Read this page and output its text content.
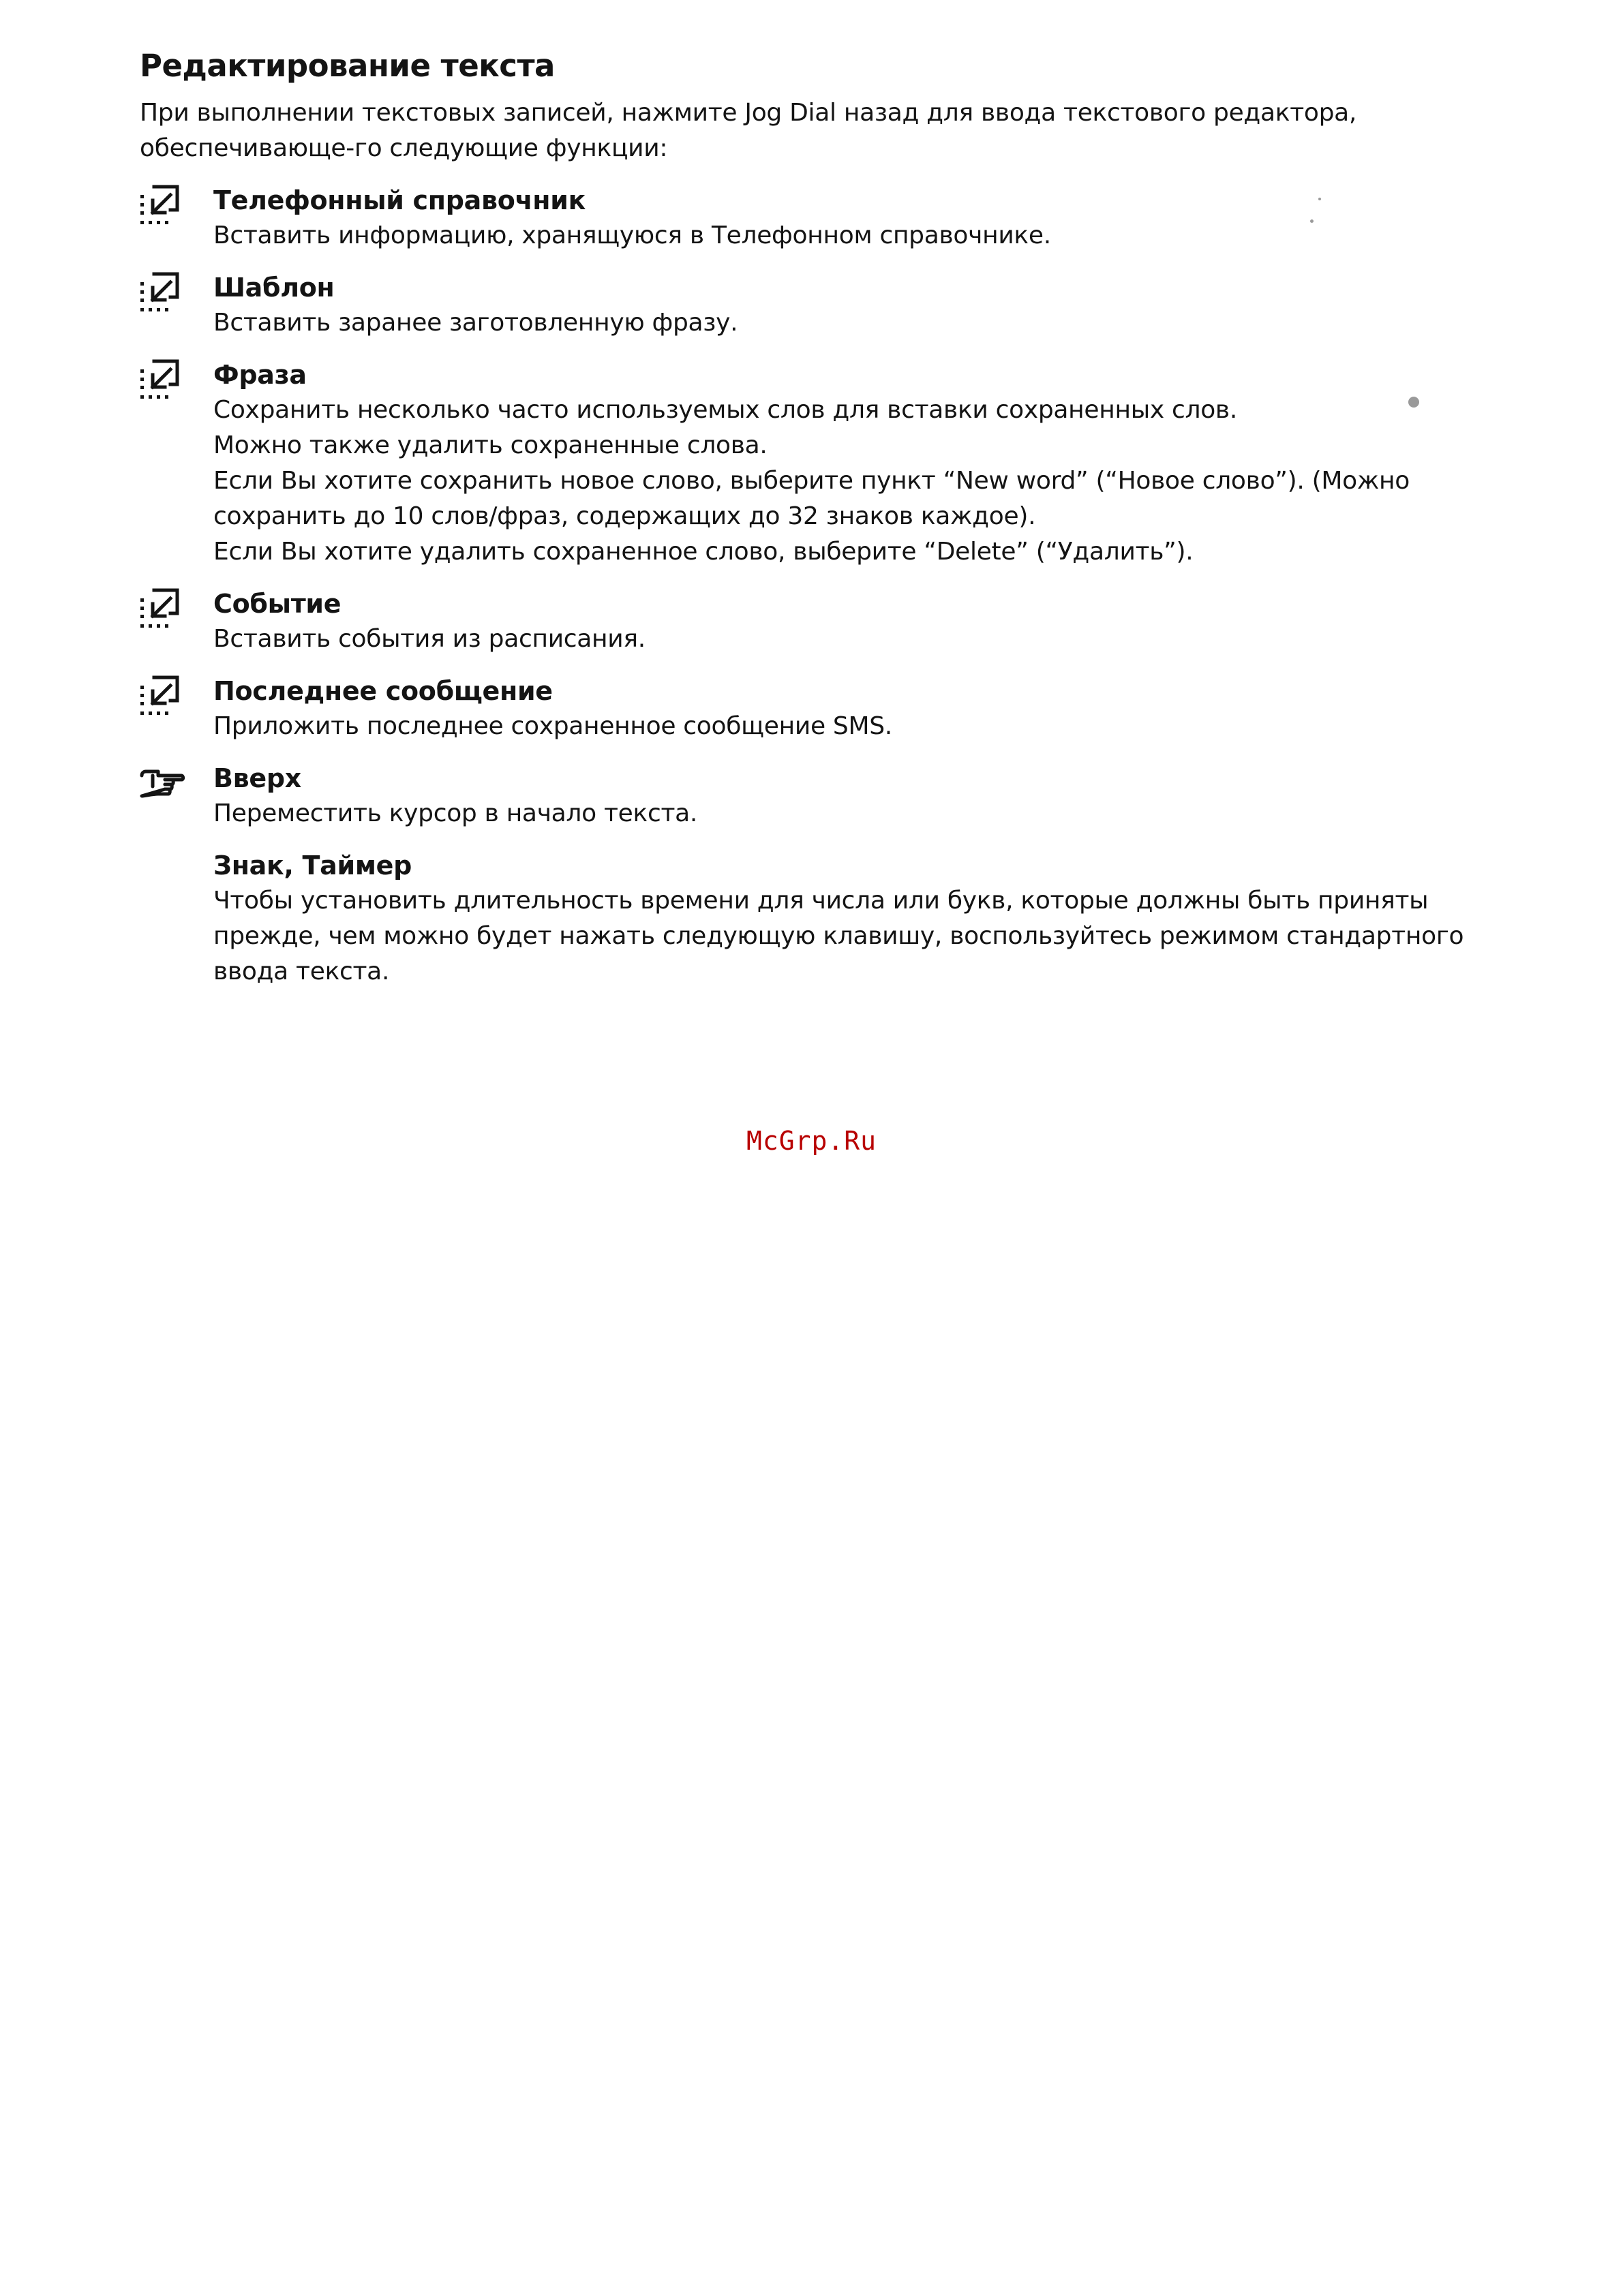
Редактирование текста

При выполнении текстовых записей, нажмите Jog Dial назад для ввода текстового редактора, обеспечивающе-го следующие функции:

Телефонный справочник

Вставить информацию, хранящуюся в Телефонном справочнике.

Шаблон

Вставить заранее заготовленную фразу.

Фраза

Сохранить несколько часто используемых слов для вставки сохраненных слов.

Можно также удалить сохраненные слова.

Если Вы хотите сохранить новое слово, выберите пункт “New word” (“Новое слово”). (Можно сохранить до 10 слов/фраз, содержащих до 32 знаков каждое).

Если Вы хотите удалить сохраненное слово, выберите “Delete” (“Удалить”).

Событие

Вставить события из расписания.

Последнее сообщение

Приложить последнее сохраненное сообщение SMS.

Вверх

Переместить курсор в начало текста.

Знак, Таймер

Чтобы установить длительность времени для числа или букв, которые должны быть приняты прежде, чем можно будет нажать следующую клавишу, воспользуйтесь режимом стандартного ввода текста.

McGrp.Ru
